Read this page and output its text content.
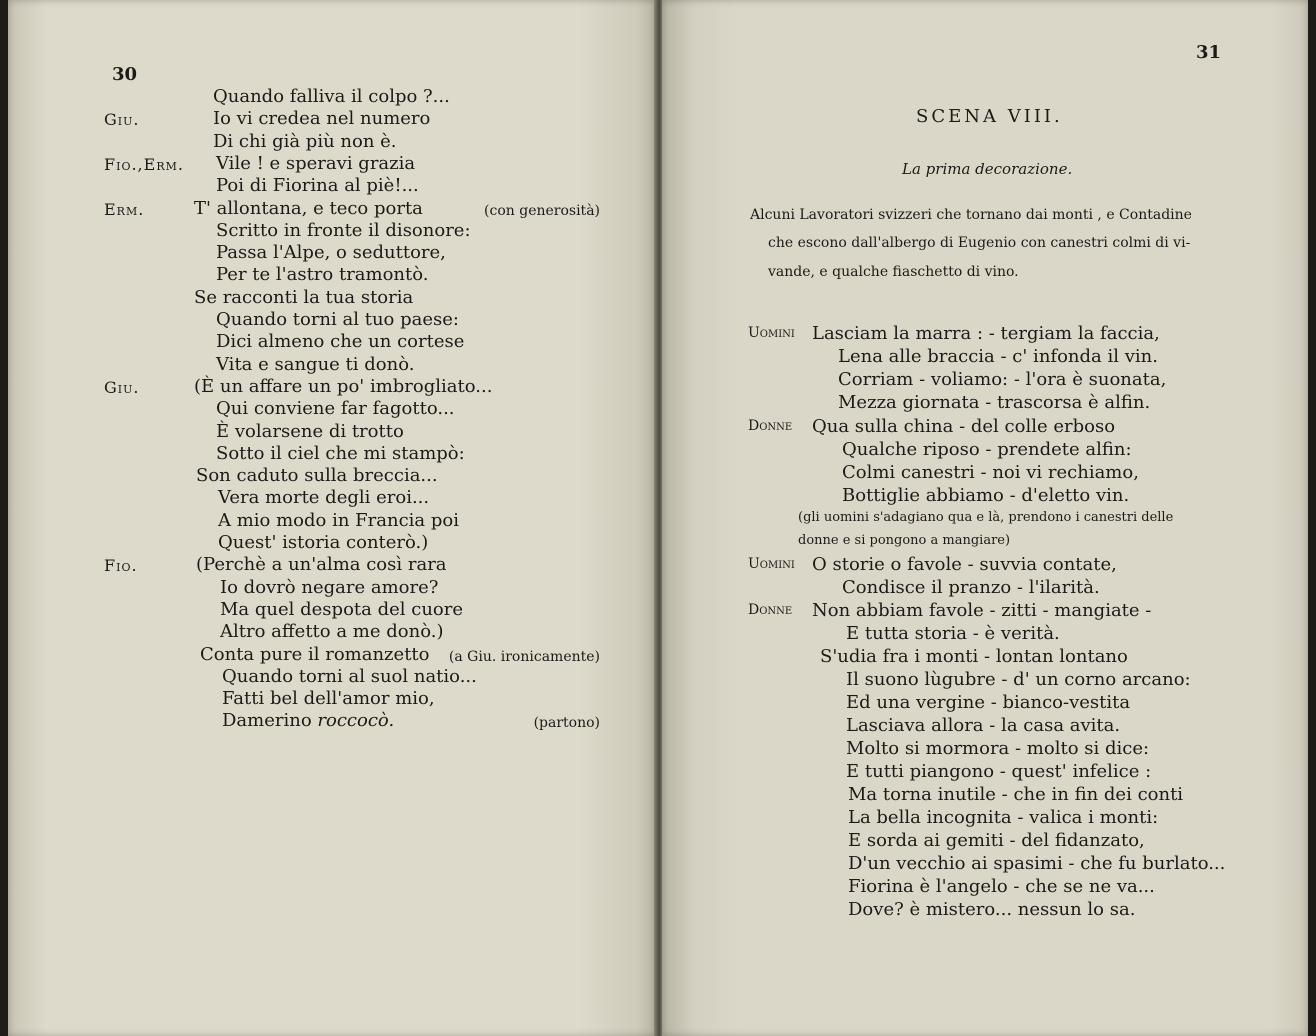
30
Quando falliva il colpo ?...
Giu.	Io vi credea nel numero
Di chi già più non è.
Fio.,Erm. Vile ! e speravi grazia
Poi di Fiorina al piè!...
Erm.	T' allontana, e teco porta	(con generosità)
Scritto in fronte il disonore:
Passa l'Alpe, o seduttore,
Per te l'astro tramontò.
Se racconti la tua storia
Quando torni al tuo paese:
Dici almeno che un cortese
Vita e sangue ti donò.
Giu.	(È un affare un po' imbrogliato...
Qui conviene far fagotto...
È volarsene di trotto
Sotto il ciel che mi stampò:
Son caduto sulla breccia...
Vera morte degli eroi...
A mio modo in Francia poi
Quest' istoria conterò.)
Fio.	(Perchè a un'alma così rara
Io dovrò negare amore?
Ma quel despota del cuore
Altro affetto a me donò.)
Conta pure il romanzetto (a Giu. ironicamente)
Quando torni al suol natio...
Fatti bel dell'amor mio,
Damerino roccocò.	(partono)
31
SCENA VIII.
La prima decorazione.
Alcuni Lavoratori svizzeri che tornano dai monti , e Contadine
che escono dall'albergo di Eugenio con canestri colmi di vi-
vande, e qualche fiaschetto di vino.
Uomini Lasciam la marra : - tergiam la faccia,
Lena alle braccia - c' infonda il vin.
Corriam - voliamo: - l'ora è suonata,
Mezza giornata - trascorsa è alfin.
Donne Qua sulla china - del colle erboso
Qualche riposo - prendete alfin:
Colmi canestri - noi vi rechiamo,
Bottiglie abbiamo - d'eletto vin.
(gli uomini s'adagiano qua e là, prendono i canestri delle
donne e si pongono a mangiare)
Uomini O storie o favole - suvvia contate,
Condisce il pranzo - l'ilarità.
Donne Non abbiam favole - zitti - mangiate -
E tutta storia - è verità.
S'udia fra i monti - lontan lontano
Il suono lùgubre - d' un corno arcano:
Ed una vergine - bianco-vestita
Lasciava allora - la casa avita.
Molto si mormora - molto si dice:
E tutti piangono - quest' infelice :
Ma torna inutile - che in fin dei conti
La bella incognita - valica i monti:
E sorda ai gemiti - del fidanzato,
D'un vecchio ai spasimi - che fu burlato...
Fiorina è l'angelo - che se ne va...
Dove? è mistero... nessun lo sa.
